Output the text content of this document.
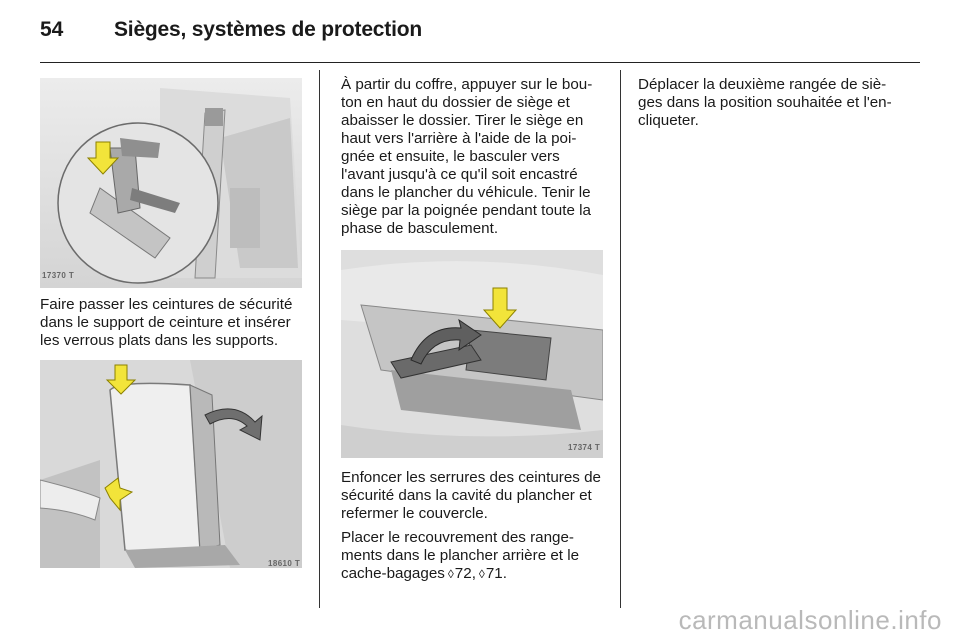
54 Sièges, systèmes de protection
17370 T

Faire passer les ceintures de sécurité dans le support de ceinture et insérer les verrous plats dans les supports.

18610 T

À partir du coffre, appuyer sur le bou-ton en haut du dossier de siège et abaisser le dossier. Tirer le siège en haut vers l'arrière à l'aide de la poi-gnée et ensuite, le basculer vers l'avant jusqu'à ce qu'il soit encastré dans le plancher du véhicule. Tenir le siège par la poignée pendant toute la phase de basculement.

17374 T

Enfoncer les serrures des ceintures de sécurité dans la cavité du plancher et refermer le couvercle.

Placer le recouvrement des range-ments dans le plancher arrière et le cache-bagages ◊72, ◊71.

Déplacer la deuxième rangée de siè-ges dans la position souhaitée et l'en-cliqueter.

carmanualsonline.info
